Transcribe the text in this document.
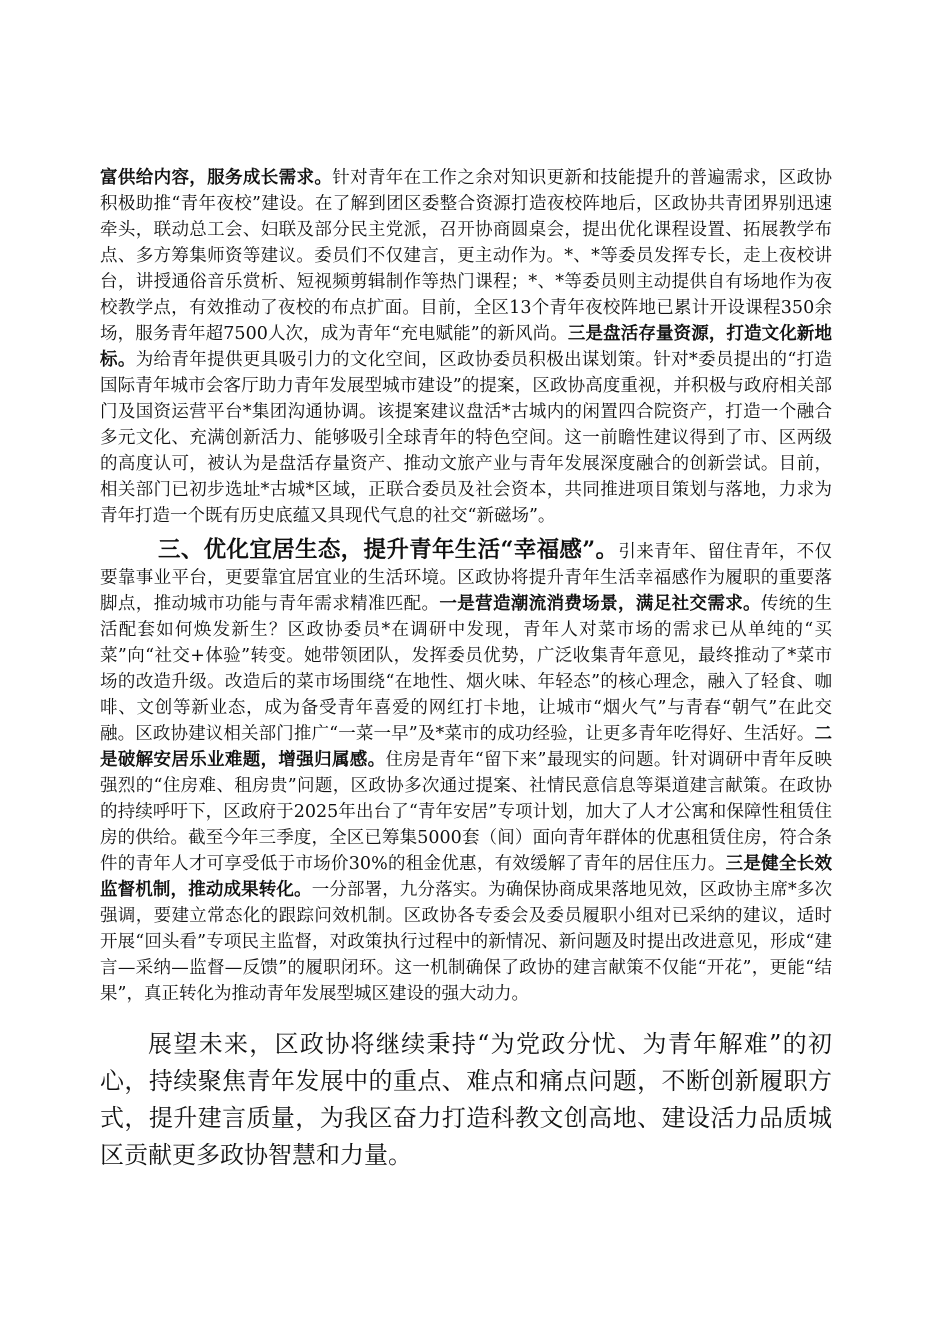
富供给内容，服务成长需求。针对青年在工作之余对知识更新和技能提升的普遍需求，区政协积极助推“青年夜校”建设。在了解到团区委整合资源打造夜校阵地后，区政协共青团界别迅速牵头，联动总工会、妇联及部分民主党派，召开协商圆桌会，提出优化课程设置、拓展教学布点、多方筹集师资等建议。委员们不仅建言，更主动作为。*、*等委员发挥专长，走上夜校讲台，讲授通俗音乐赏析、短视频剪辑制作等热门课程；*、*等委员则主动提供自有场地作为夜校教学点，有效推动了夜校的布点扩面。目前，全区13个青年夜校阵地已累计开设课程350余场，服务青年超7500人次，成为青年“充电赋能”的新风尚。三是盘活存量资源，打造文化新地标。为给青年提供更具吸引力的文化空间，区政协委员积极出谋划策。针对*委员提出的“打造国际青年城市会客厅助力青年发展型城市建设”的提案，区政协高度重视，并积极与政府相关部门及国资运营平台*集团沟通协调。该提案建议盘活*古城内的闲置四合院资产，打造一个融合多元文化、充满创新活力、能够吸引全球青年的特色空间。这一前瞻性建议得到了市、区两级的高度认可，被认为是盘活存量资产、推动文旅产业与青年发展深度融合的创新尝试。目前，相关部门已初步选址*古城*区域，正联合委员及社会资本，共同推进项目策划与落地，力求为青年打造一个既有历史底蕴又具现代气息的社交“新磁场”。

三、优化宜居生态，提升青年生活“幸福感”。引来青年、留住青年，不仅要靠事业平台，更要靠宜居宜业的生活环境。区政协将提升青年生活幸福感作为履职的重要落脚点，推动城市功能与青年需求精准匹配。一是营造潮流消费场景，满足社交需求。传统的生活配套如何焕发新生？区政协委员*在调研中发现，青年人对菜市场的需求已从单纯的“买菜”向“社交+体验”转变。她带领团队，发挥委员优势，广泛收集青年意见，最终推动了*菜市场的改造升级。改造后的菜市场围绕“在地性、烟火味、年轻态”的核心理念，融入了轻食、咖啡、文创等新业态，成为备受青年喜爱的网红打卡地，让城市“烟火气”与青春“朝气”在此交融。区政协建议相关部门推广“一菜一早”及*菜市的成功经验，让更多青年吃得好、生活好。二是破解安居乐业难题，增强归属感。住房是青年“留下来”最现实的问题。针对调研中青年反映强烈的“住房难、租房贵”问题，区政协多次通过提案、社情民意信息等渠道建言献策。在政协的持续呼吁下，区政府于2025年出台了“青年安居”专项计划，加大了人才公寓和保障性租赁住房的供给。截至今年三季度，全区已筹集5000套（间）面向青年群体的优惠租赁住房，符合条件的青年人才可享受低于市场价30%的租金优惠，有效缓解了青年的居住压力。三是健全长效监督机制，推动成果转化。一分部署，九分落实。为确保协商成果落地见效，区政协主席*多次强调，要建立常态化的跟踪问效机制。区政协各专委会及委员履职小组对已采纳的建议，适时开展“回头看”专项民主监督，对政策执行过程中的新情况、新问题及时提出改进意见，形成“建言—采纳—监督—反馈”的履职闭环。这一机制确保了政协的建言献策不仅能“开花”，更能“结果”，真正转化为推动青年发展型城区建设的强大动力。

展望未来，区政协将继续秉持“为党政分忧、为青年解难”的初心，持续聚焦青年发展中的重点、难点和痛点问题，不断创新履职方式，提升建言质量，为我区奋力打造科教文创高地、建设活力品质城区贡献更多政协智慧和力量。
